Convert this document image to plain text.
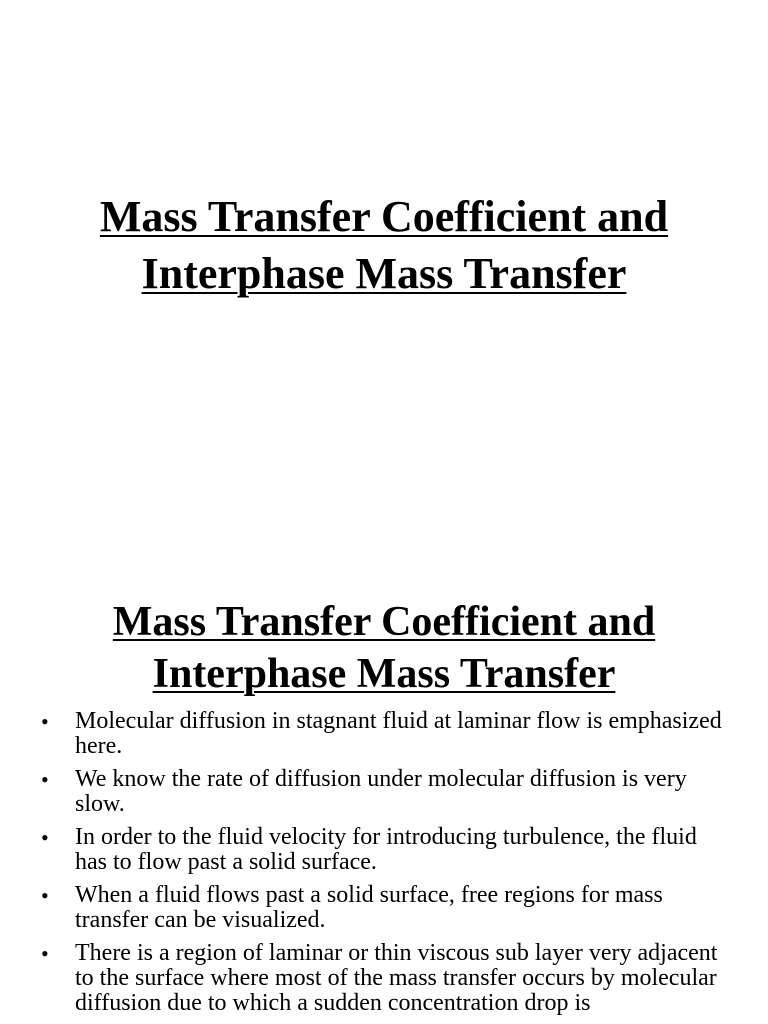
Mass Transfer Coefficient and
Interphase Mass Transfer
Mass Transfer Coefficient and
Interphase Mass Transfer
• Molecular diffusion in stagnant fluid at laminar flow is emphasized here.
• We know the rate of diffusion under molecular diffusion is very slow.
• In order to the fluid velocity for introducing turbulence, the fluid has to flow past a solid surface.
• When a fluid flows past a solid surface, free regions for mass transfer can be visualized.
• There is a region of laminar or thin viscous sub layer very adjacent to the surface where most of the mass transfer occurs by molecular diffusion due to which a sudden concentration drop is
